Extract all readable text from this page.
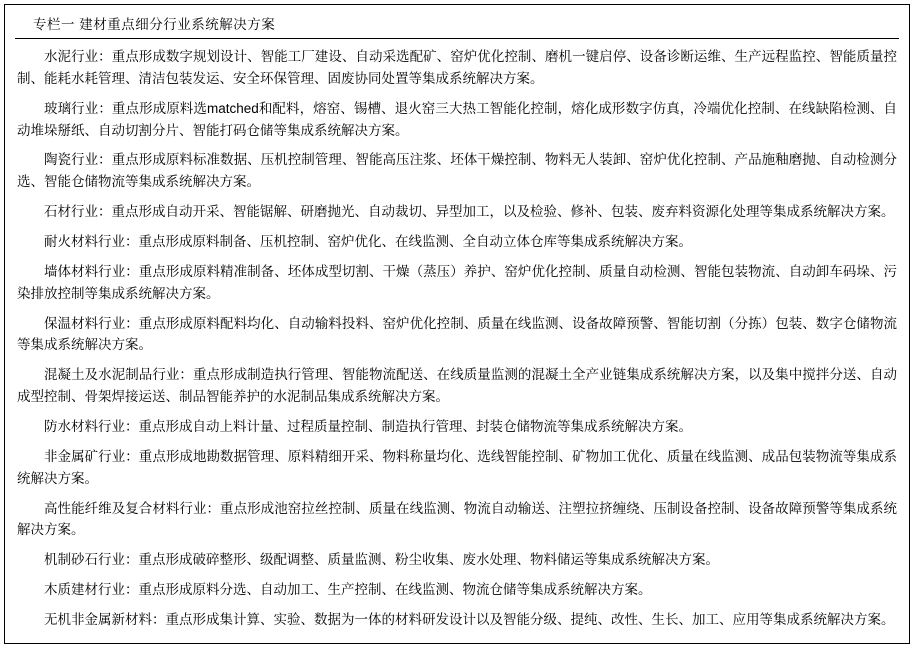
专栏一 建材重点细分行业系统解决方案

水泥行业：重点形成数字规划设计、智能工厂建设、自动采选配矿、窑炉优化控制、磨机一键启停、设备诊断运维、生产远程监控、智能质量控制、能耗水耗管理、清洁包装发运、安全环保管理、固废协同处置等集成系统解决方案。

玻璃行业：重点形成原料选matched和配料，熔窑、锡槽、退火窑三大热工智能化控制，熔化成形数字仿真，冷端优化控制、在线缺陷检测、自动堆垛掰纸、自动切割分片、智能打码仓储等集成系统解决方案。

陶瓷行业：重点形成原料标准数据、压机控制管理、智能高压注浆、坯体干燥控制、物料无人装卸、窑炉优化控制、产品施釉磨抛、自动检测分选、智能仓储物流等集成系统解决方案。

石材行业：重点形成自动开采、智能锯解、研磨抛光、自动裁切、异型加工，以及检验、修补、包装、废弃料资源化处理等集成系统解决方案。

耐火材料行业：重点形成原料制备、压机控制、窑炉优化、在线监测、全自动立体仓库等集成系统解决方案。

墙体材料行业：重点形成原料精准制备、坯体成型切割、干燥（蒸压）养护、窑炉优化控制、质量自动检测、智能包装物流、自动卸车码垛、污染排放控制等集成系统解决方案。

保温材料行业：重点形成原料配料均化、自动输料投料、窑炉优化控制、质量在线监测、设备故障预警、智能切割（分拣）包装、数字仓储物流等集成系统解决方案。

混凝土及水泥制品行业：重点形成制造执行管理、智能物流配送、在线质量监测的混凝土全产业链集成系统解决方案，以及集中搅拌分送、自动成型控制、骨架焊接运送、制品智能养护的水泥制品集成系统解决方案。

防水材料行业：重点形成自动上料计量、过程质量控制、制造执行管理、封装仓储物流等集成系统解决方案。

非金属矿行业：重点形成地勘数据管理、原料精细开采、物料称量均化、选线智能控制、矿物加工优化、质量在线监测、成品包装物流等集成系统解决方案。

高性能纤维及复合材料行业：重点形成池窑拉丝控制、质量在线监测、物流自动输送、注塑拉挤缠绕、压制设备控制、设备故障预警等集成系统解决方案。

机制砂石行业：重点形成破碎整形、级配调整、质量监测、粉尘收集、废水处理、物料储运等集成系统解决方案。

木质建材行业：重点形成原料分选、自动加工、生产控制、在线监测、物流仓储等集成系统解决方案。

无机非金属新材料：重点形成集计算、实验、数据为一体的材料研发设计以及智能分级、提纯、改性、生长、加工、应用等集成系统解决方案。
